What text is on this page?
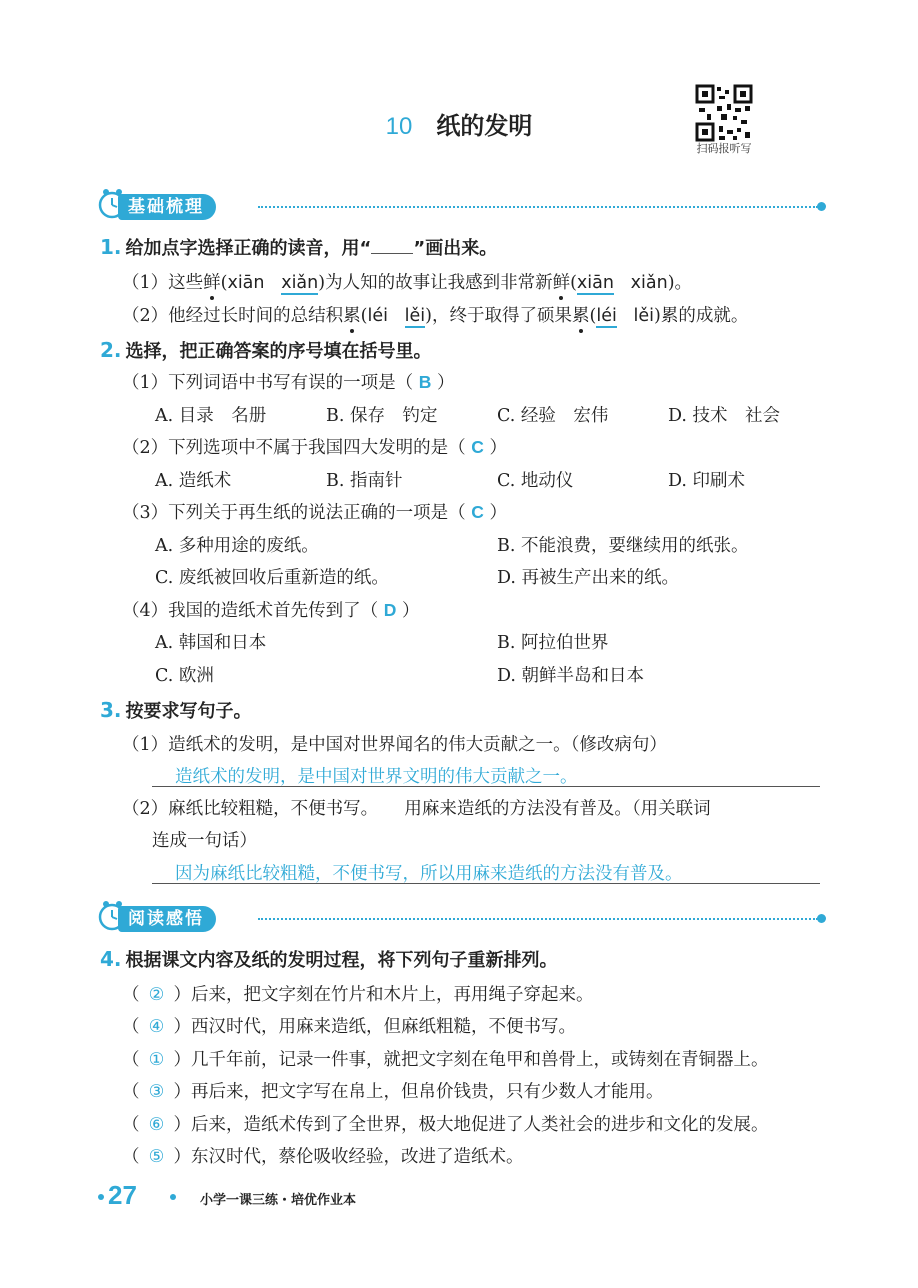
10 纸的发明
扫码报听写
基础梳理
1. 给加点字选择正确的读音，用“ ”画出来。
（1）这些鲜(xiān xiǎn)为人知的故事让我感到非常新鲜(xiān xiǎn)。
（2）他经过长时间的总结积累(léi lěi)，终于取得了硕果累(léi lěi)累的成就。
2. 选择，把正确答案的序号填在括号里。
（1）下列词语中书写有误的一项是（ B ）
A. 目录　名册	B. 保存　钓定	C. 经验　宏伟	D. 技术　社会
（2）下列选项中不属于我国四大发明的是（ C ）
A. 造纸术	B. 指南针	C. 地动仪	D. 印刷术
（3）下列关于再生纸的说法正确的一项是（ C ）
A. 多种用途的废纸。	B. 不能浪费，要继续用的纸张。
C. 废纸被回收后重新造的纸。	D. 再被生产出来的纸。
（4）我国的造纸术首先传到了（ D ）
A. 韩国和日本	B. 阿拉伯世界
C. 欧洲	D. 朝鲜半岛和日本
3. 按要求写句子。
（1）造纸术的发明，是中国对世界闻名的伟大贡献之一。（修改病句）
造纸术的发明，是中国对世界文明的伟大贡献之一。
（2）麻纸比较粗糙，不便书写。　　用麻来造纸的方法没有普及。（用关联词
连成一句话）
因为麻纸比较粗糙，不便书写，所以用麻来造纸的方法没有普及。
阅读感悟
4. 根据课文内容及纸的发明过程，将下列句子重新排列。
（ ② ）后来，把文字刻在竹片和木片上，再用绳子穿起来。
（ ④ ）西汉时代，用麻来造纸，但麻纸粗糙，不便书写。
（ ① ）几千年前，记录一件事，就把文字刻在龟甲和兽骨上，或铸刻在青铜器上。
（ ③ ）再后来，把文字写在帛上，但帛价钱贵，只有少数人才能用。
（ ⑥ ）后来，造纸术传到了全世界，极大地促进了人类社会的进步和文化的发展。
（ ⑤ ）东汉时代，蔡伦吸收经验，改进了造纸术。
27	小学一课三练・培优作业本
